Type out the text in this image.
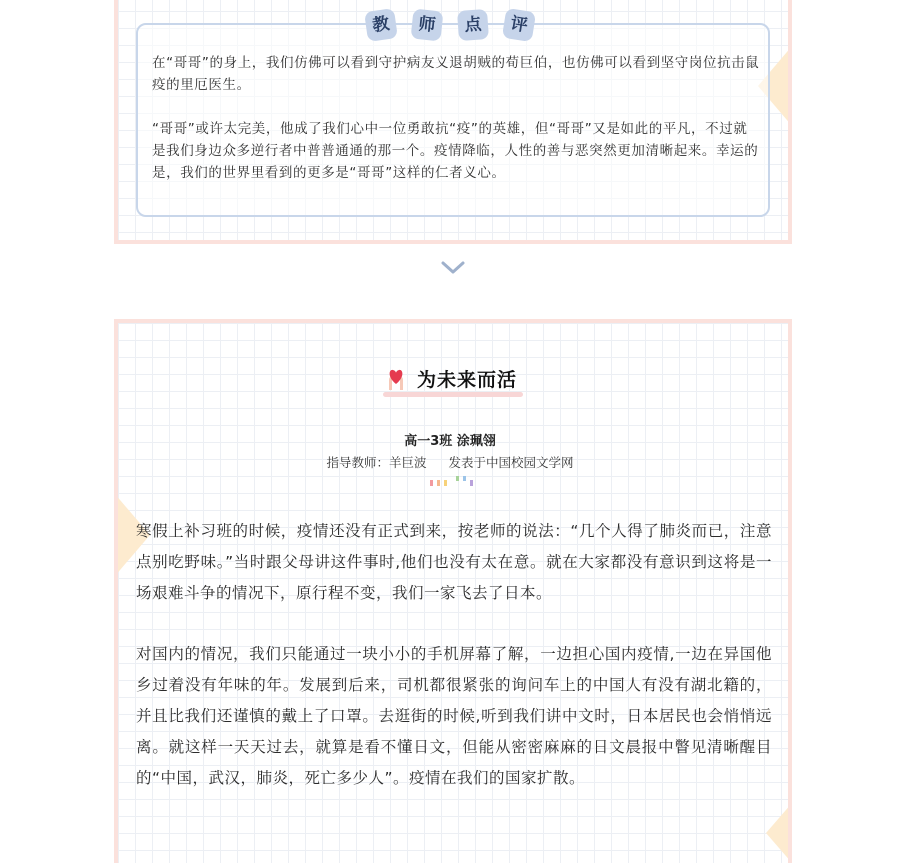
教	师	点	评

在“哥哥”的身上，我们仿佛可以看到守护病友义退胡贼的荀巨伯，也仿佛可以看到坚守岗位抗击鼠疫的里厄医生。

“哥哥”或许太完美，他成了我们心中一位勇敢抗“疫”的英雄，但“哥哥”又是如此的平凡，不过就是我们身边众多逆行者中普普通通的那一个。疫情降临，人性的善与恶突然更加清晰起来。幸运的是，我们的世界里看到的更多是“哥哥”这样的仁者义心。

为未来而活
高一3班 涂珮翎
指导教师：羊巨波 发表于中国校园文学网

寒假上补习班的时候，疫情还没有正式到来，按老师的说法：“几个人得了肺炎而已，注意点别吃野味。”当时跟父母讲这件事时,他们也没有太在意。就在大家都没有意识到这将是一场艰难斗争的情况下，原行程不变，我们一家飞去了日本。

对国内的情况，我们只能通过一块小小的手机屏幕了解，一边担心国内疫情,一边在异国他乡过着没有年味的年。发展到后来，司机都很紧张的询问车上的中国人有没有湖北籍的，并且比我们还谨慎的戴上了口罩。去逛街的时候,听到我们讲中文时，日本居民也会悄悄远离。就这样一天天过去，就算是看不懂日文，但能从密密麻麻的日文晨报中瞥见清晰醒目的“中国，武汉，肺炎，死亡多少人”。疫情在我们的国家扩散。
